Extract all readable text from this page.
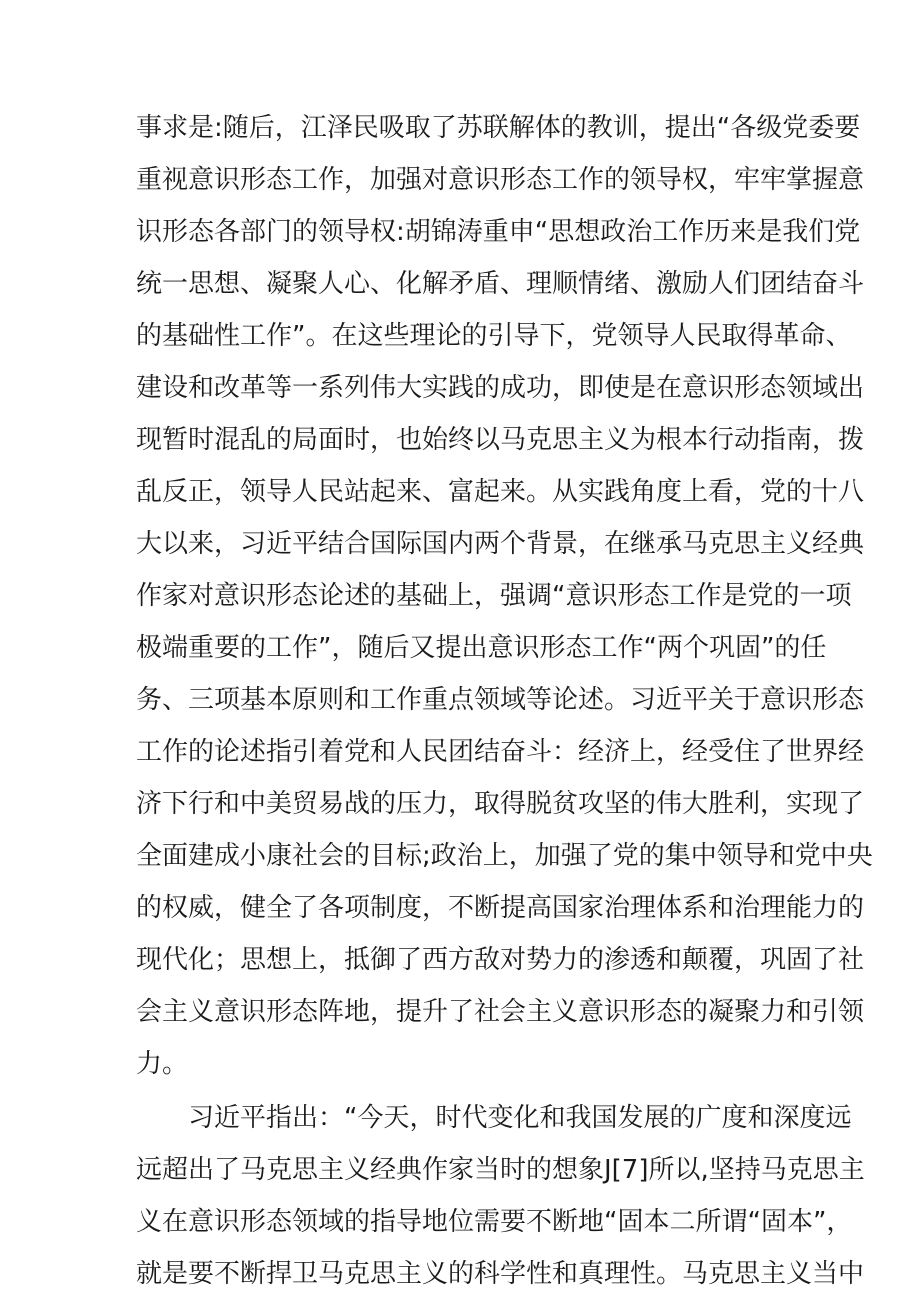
事求是:随后，江泽民吸取了苏联解体的教训，提出“各级党委要
重视意识形态工作，加强对意识形态工作的领导权，牢牢掌握意
识形态各部门的领导权:胡锦涛重申“思想政治工作历来是我们党
统一思想、凝聚人心、化解矛盾、理顺情绪、激励人们团结奋斗
的基础性工作”。在这些理论的引导下，党领导人民取得革命、
建设和改革等一系列伟大实践的成功，即使是在意识形态领域出
现暂时混乱的局面时，也始终以马克思主义为根本行动指南，拨
乱反正，领导人民站起来、富起来。从实践角度上看，党的十八
大以来，习近平结合国际国内两个背景，在继承马克思主义经典
作家对意识形态论述的基础上，强调“意识形态工作是党的一项
极端重要的工作”，随后又提出意识形态工作“两个巩固”的任
务、三项基本原则和工作重点领域等论述。习近平关于意识形态
工作的论述指引着党和人民团结奋斗：经济上，经受住了世界经
济下行和中美贸易战的压力，取得脱贫攻坚的伟大胜利，实现了
全面建成小康社会的目标;政治上，加强了党的集中领导和党中央
的权威，健全了各项制度，不断提高国家治理体系和治理能力的
现代化；思想上，抵御了西方敌对势力的渗透和颠覆，巩固了社
会主义意识形态阵地，提升了社会主义意识形态的凝聚力和引领
力。
习近平指出：“今天，时代变化和我国发展的广度和深度远
远超出了马克思主义经典作家当时的想象J[7]所以,坚持马克思主
义在意识形态领域的指导地位需要不断地“固本二所谓“固本”，
就是要不断捍卫马克思主义的科学性和真理性。马克思主义当中
